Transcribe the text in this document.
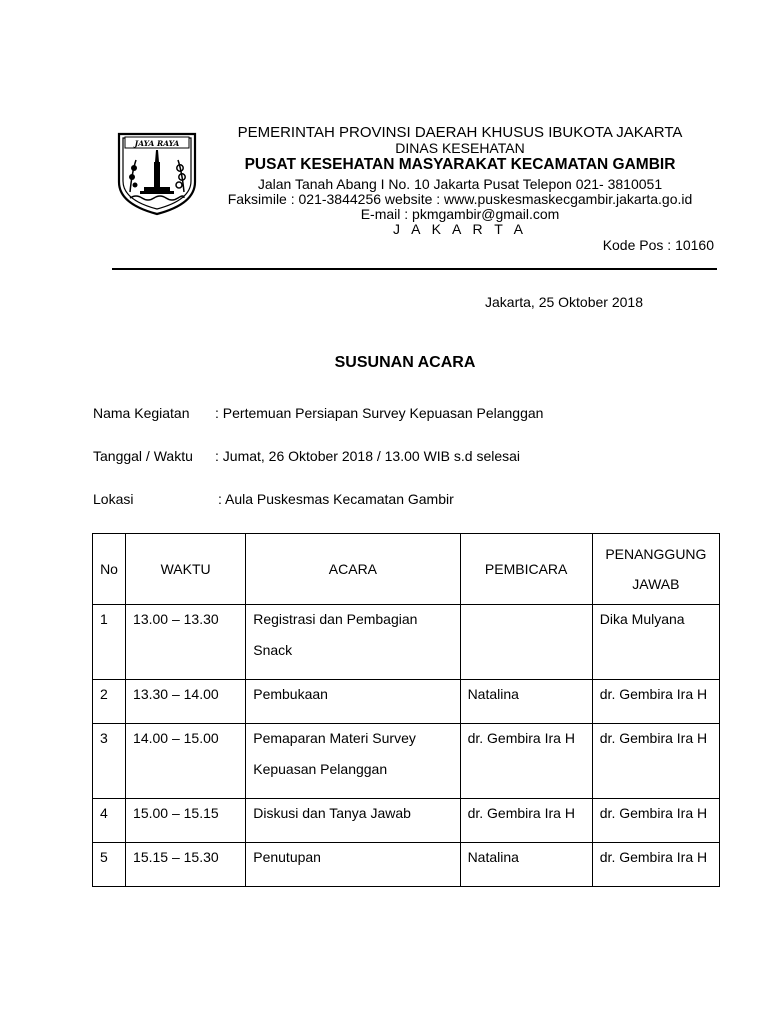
JAYA RAYA
PEMERINTAH PROVINSI DAERAH KHUSUS IBUKOTA JAKARTA
DINAS KESEHATAN
PUSAT KESEHATAN MASYARAKAT KECAMATAN GAMBIR
Jalan Tanah Abang I No. 10 Jakarta Pusat Telepon 021- 3810051
Faksimile : 021-3844256 website : www.puskesmaskecgambir.jakarta.go.id
E-mail : pkmgambir@gmail.com
J A K A R T A
Kode Pos : 10160
Jakarta, 25 Oktober 2018
SUSUNAN ACARA
Nama Kegiatan : Pertemuan Persiapan Survey Kepuasan Pelanggan
Tanggal / Waktu : Jumat, 26 Oktober 2018 / 13.00 WIB s.d selesai
Lokasi	: Aula Puskesmas Kecamatan Gambir
No	WAKTU	ACARA	PEMBICARA	PENANGGUNG
JAWAB

1	13.00 – 13.30	Registrasi dan Pembagian
Snack		Dika Mulyana

2	13.30 – 14.00	Pembukaan	Natalina	dr. Gembira Ira H

3	14.00 – 15.00	Pemaparan Materi Survey
Kepuasan Pelanggan	dr. Gembira Ira H	dr. Gembira Ira H

4	15.00 – 15.15	Diskusi dan Tanya Jawab	dr. Gembira Ira H	dr. Gembira Ira H

5	15.15 – 15.30	Penutupan	Natalina	dr. Gembira Ira H
